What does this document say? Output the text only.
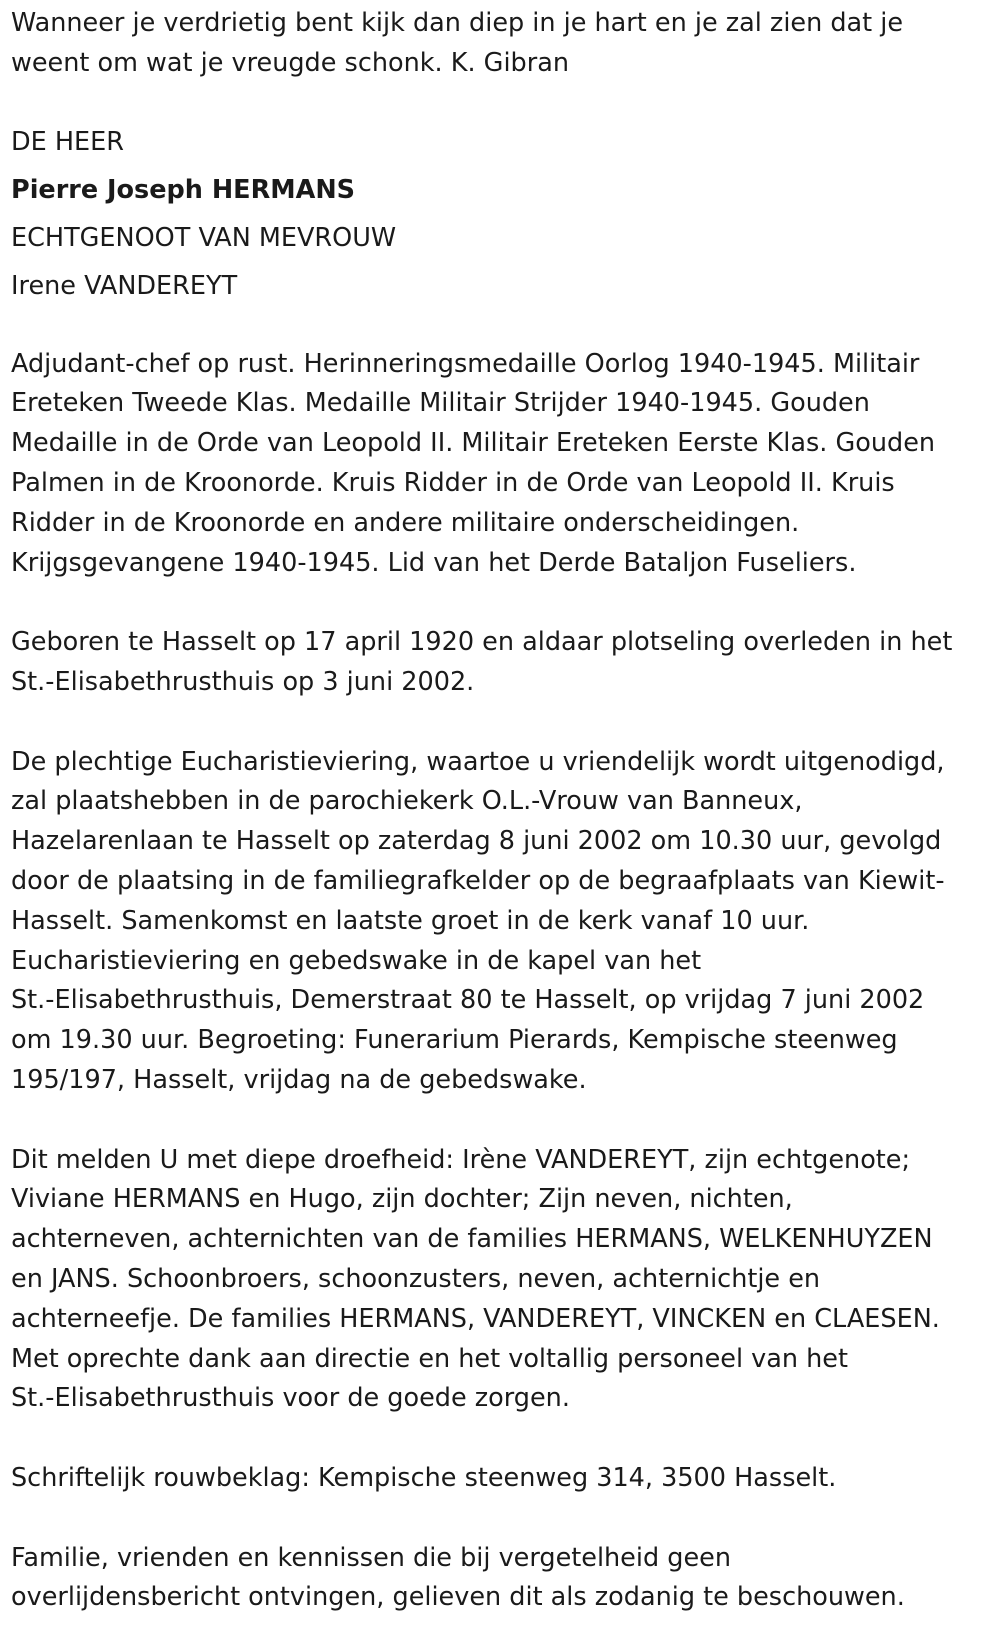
Wanneer je verdrietig bent kijk dan diep in je hart en je zal zien dat je

weent om wat je vreugde schonk. K. Gibran

DE HEER

Pierre Joseph HERMANS

ECHTGENOOT VAN MEVROUW

Irene VANDEREYT

Adjudant-chef op rust. Herinneringsmedaille Oorlog 1940-1945. Militair

Ereteken Tweede Klas. Medaille Militair Strijder 1940-1945. Gouden

Medaille in de Orde van Leopold II. Militair Ereteken Eerste Klas. Gouden

Palmen in de Kroonorde. Kruis Ridder in de Orde van Leopold II. Kruis

Ridder in de Kroonorde en andere militaire onderscheidingen.

Krijgsgevangene 1940-1945. Lid van het Derde Bataljon Fuseliers.

Geboren te Hasselt op 17 april 1920 en aldaar plotseling overleden in het

St.-Elisabethrusthuis op 3 juni 2002.

De plechtige Eucharistieviering, waartoe u vriendelijk wordt uitgenodigd,

zal plaatshebben in de parochiekerk O.L.-Vrouw van Banneux,

Hazelarenlaan te Hasselt op zaterdag 8 juni 2002 om 10.30 uur, gevolgd

door de plaatsing in de familiegrafkelder op de begraafplaats van Kiewit-

Hasselt. Samenkomst en laatste groet in de kerk vanaf 10 uur.

Eucharistieviering en gebedswake in de kapel van het

St.-Elisabethrusthuis, Demerstraat 80 te Hasselt, op vrijdag 7 juni 2002

om 19.30 uur. Begroeting: Funerarium Pierards, Kempische steenweg

195/197, Hasselt, vrijdag na de gebedswake.

Dit melden U met diepe droefheid: Irène VANDEREYT, zijn echtgenote;

Viviane HERMANS en Hugo, zijn dochter; Zijn neven, nichten,

achterneven, achternichten van de families HERMANS, WELKENHUYZEN

en JANS. Schoonbroers, schoonzusters, neven, achternichtje en

achterneefje. De families HERMANS, VANDEREYT, VINCKEN en CLAESEN.

Met oprechte dank aan directie en het voltallig personeel van het

St.-Elisabethrusthuis voor de goede zorgen.

Schriftelijk rouwbeklag: Kempische steenweg 314, 3500 Hasselt.

Familie, vrienden en kennissen die bij vergetelheid geen

overlijdensbericht ontvingen, gelieven dit als zodanig te beschouwen.
